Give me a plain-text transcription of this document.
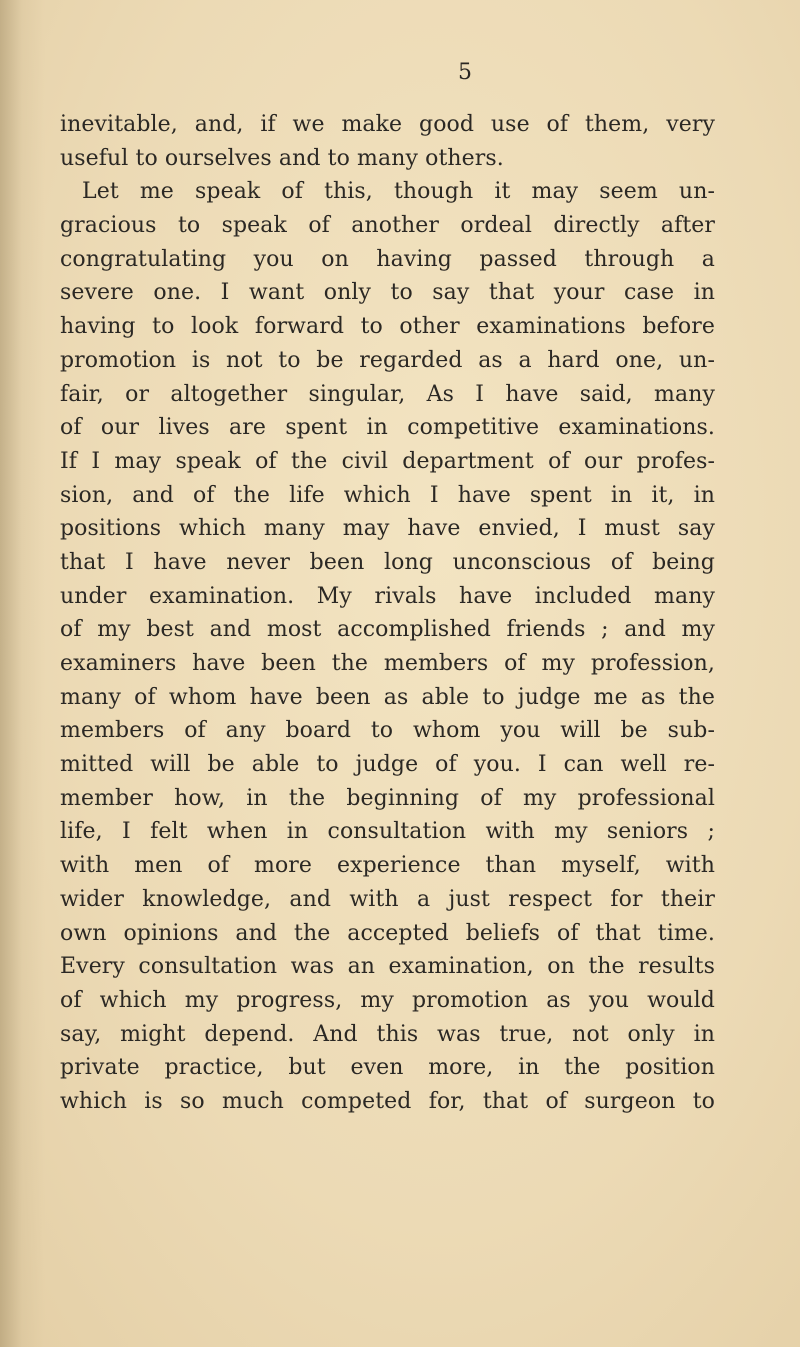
5
inevitable, and, if we make good use of them, very
useful to ourselves and to many others.
Let me speak of this, though it may seem un-
gracious to speak of another ordeal directly after
congratulating you on having passed through a
severe one. I want only to say that your case in
having to look forward to other examinations before
promotion is not to be regarded as a hard one, un-
fair, or altogether singular, As I have said, many
of our lives are spent in competitive examinations.
If I may speak of the civil department of our profes-
sion, and of the life which I have spent in it, in
positions which many may have envied, I must say
that I have never been long unconscious of being
under examination. My rivals have included many
of my best and most accomplished friends ; and my
examiners have been the members of my profession,
many of whom have been as able to judge me as the
members of any board to whom you will be sub-
mitted will be able to judge of you. I can well re-
member how, in the beginning of my professional
life, I felt when in consultation with my seniors ;
with men of more experience than myself, with
wider knowledge, and with a just respect for their
own opinions and the accepted beliefs of that time.
Every consultation was an examination, on the results
of which my progress, my promotion as you would
say, might depend. And this was true, not only in
private practice, but even more, in the position
which is so much competed for, that of surgeon to
